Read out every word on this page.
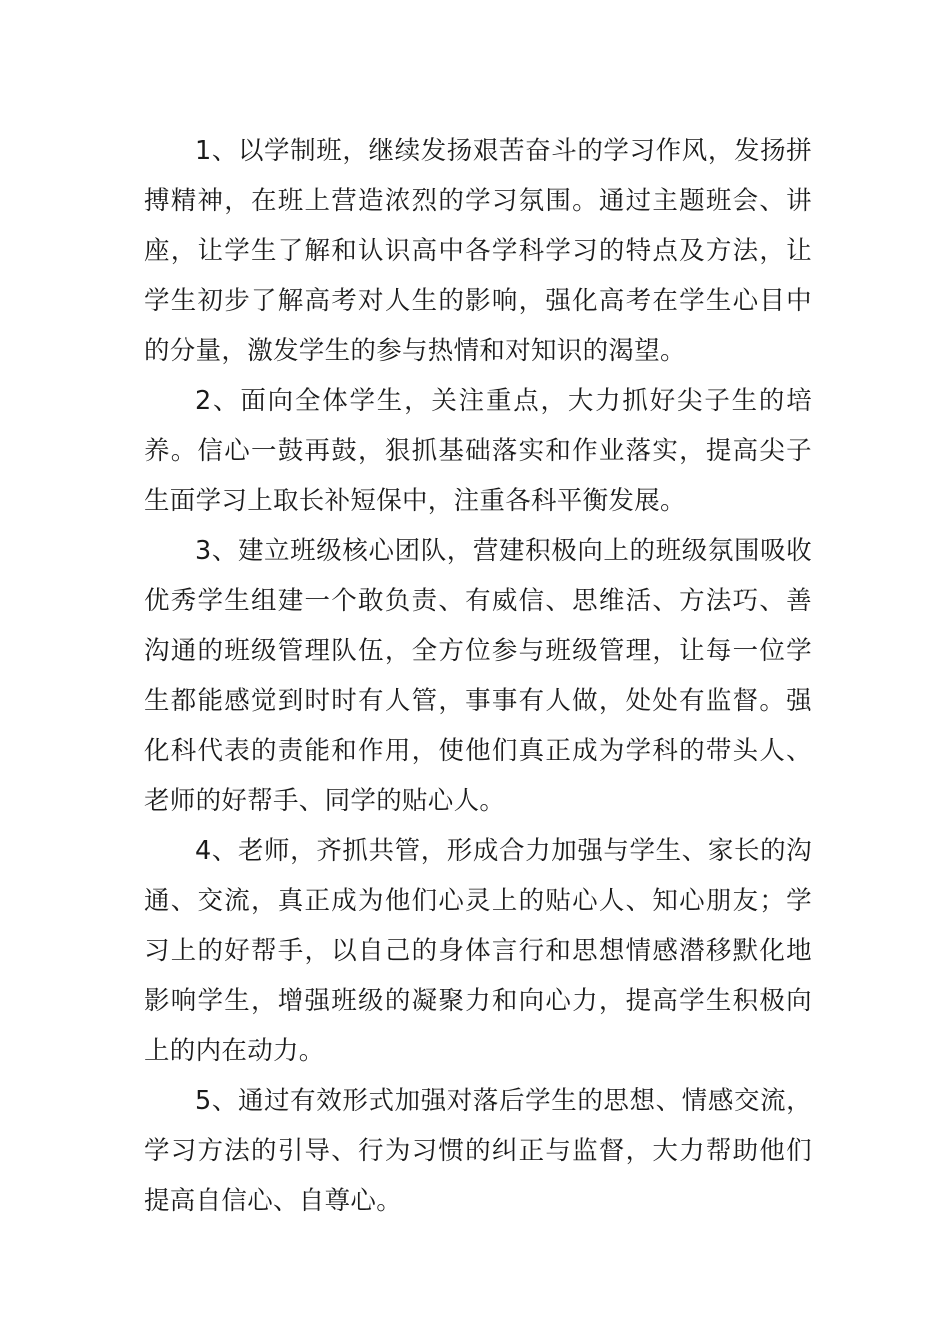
1、以学制班，继续发扬艰苦奋斗的学习作风，发扬拼搏精神，在班上营造浓烈的学习氛围。通过主题班会、讲座，让学生了解和认识高中各学科学习的特点及方法，让学生初步了解高考对人生的影响，强化高考在学生心目中的分量，激发学生的参与热情和对知识的渴望。

2、面向全体学生，关注重点，大力抓好尖子生的培养。信心一鼓再鼓，狠抓基础落实和作业落实，提高尖子生面学习上取长补短保中，注重各科平衡发展。

3、建立班级核心团队，营建积极向上的班级氛围吸收优秀学生组建一个敢负责、有威信、思维活、方法巧、善沟通的班级管理队伍，全方位参与班级管理，让每一位学生都能感觉到时时有人管，事事有人做，处处有监督。强化科代表的责能和作用，使他们真正成为学科的带头人、老师的好帮手、同学的贴心人。

4、老师，齐抓共管，形成合力加强与学生、家长的沟通、交流，真正成为他们心灵上的贴心人、知心朋友；学习上的好帮手，以自己的身体言行和思想情感潜移默化地影响学生，增强班级的凝聚力和向心力，提高学生积极向上的内在动力。

5、通过有效形式加强对落后学生的思想、情感交流，学习方法的引导、行为习惯的纠正与监督，大力帮助他们提高自信心、自尊心。
